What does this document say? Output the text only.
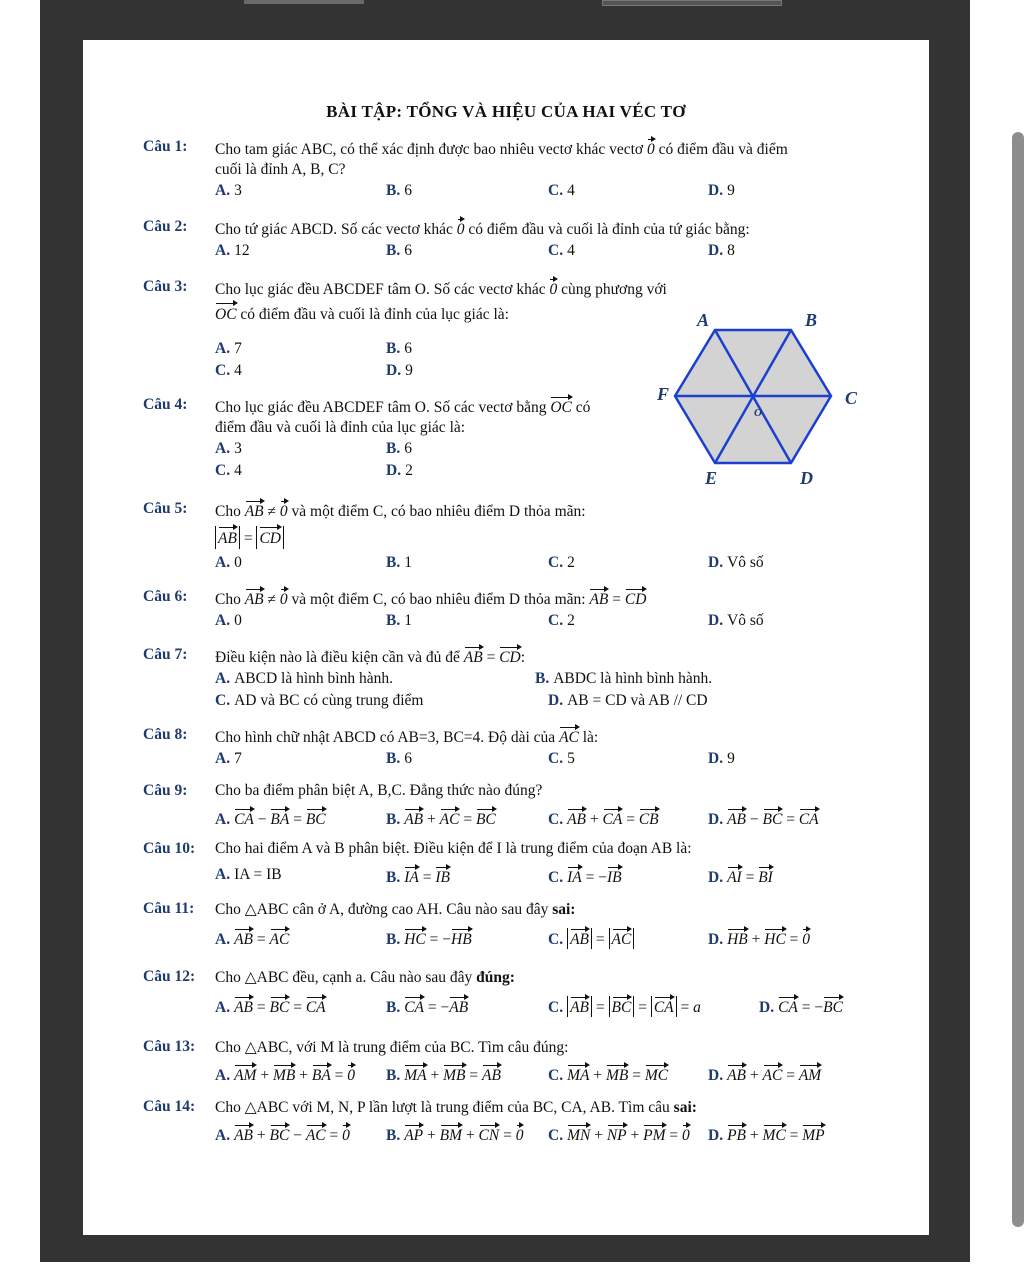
BÀI TẬP: TỔNG VÀ HIỆU CỦA HAI VÉC TƠ
Câu 1: Cho tam giác ABC, có thể xác định được bao nhiêu vectơ khác vectơ 0 có điểm đầu và điểm
cuối là đỉnh A, B, C?
A. 3	B. 6	C. 4	D. 9
Câu 2: Cho tứ giác ABCD. Số các vectơ khác 0 có điểm đầu và cuối là đỉnh của tứ giác bằng:
A. 12	B. 6	C. 4	D. 8
Câu 3: Cho lục giác đều ABCDEF tâm O. Số các vectơ khác 0 cùng phương với
OC có điểm đầu và cuối là đỉnh của lục giác là:
A. 7	B. 6
C. 4	D. 9
A	B
C
D
E
F
O
Câu 4: Cho lục giác đều ABCDEF tâm O. Số các vectơ bằng OC có
điểm đầu và cuối là đỉnh của lục giác là:
A. 3	B. 6
C. 4	D. 2
Câu 5: Cho AB ≠ 0 và một điểm C, có bao nhiêu điểm D thỏa mãn:
AB = CD
A. 0	B. 1	C. 2	D. Vô số
Câu 6: Cho AB ≠ 0 và một điểm C, có bao nhiêu điểm D thỏa mãn: AB = CD
A. 0	B. 1	C. 2	D. Vô số
Câu 7: Điều kiện nào là điều kiện cần và đủ để AB = CD:
A. ABCD là hình bình hành.	B. ABDC là hình bình hành.
C. AD và BC có cùng trung điểm	D. AB = CD và AB // CD
Câu 8: Cho hình chữ nhật ABCD có AB=3, BC=4. Độ dài của AC là:
A. 7	B. 6	C. 5	D. 9
Câu 9: Cho ba điểm phân biệt A, B,C. Đẳng thức nào đúng?
A. CA − BA = BC	B. AB + AC = BC	C. AB + CA = CB	D. AB − BC = CA
Câu 10: Cho hai điểm A và B phân biệt. Điều kiện để I là trung điểm của đoạn AB là:
A. IA = IB	B. IA = IB	C. IA = −IB	D. AI = BI
Câu 11: Cho △ABC cân ở A, đường cao AH. Câu nào sau đây sai:
A. AB = AC	B. HC = −HB	C. AB = AC	D. HB + HC = 0
Câu 12: Cho △ABC đều, cạnh a. Câu nào sau đây đúng:
A. AB = BC = CA	B. CA = −AB	C. AB = BC = CA = a	D. CA = −BC
Câu 13: Cho △ABC, với M là trung điểm của BC. Tìm câu đúng:
A. AM + MB + BA = 0 B. MA + MB = AB	C. MA + MB = MC	D. AB + AC = AM
Câu 14: Cho △ABC với M, N, P lần lượt là trung điểm của BC, CA, AB. Tìm câu sai:
A. AB + BC − AC = 0 B. AP + BM + CN = 0 C. MN + NP + PM = 0 D. PB + MC = MP
